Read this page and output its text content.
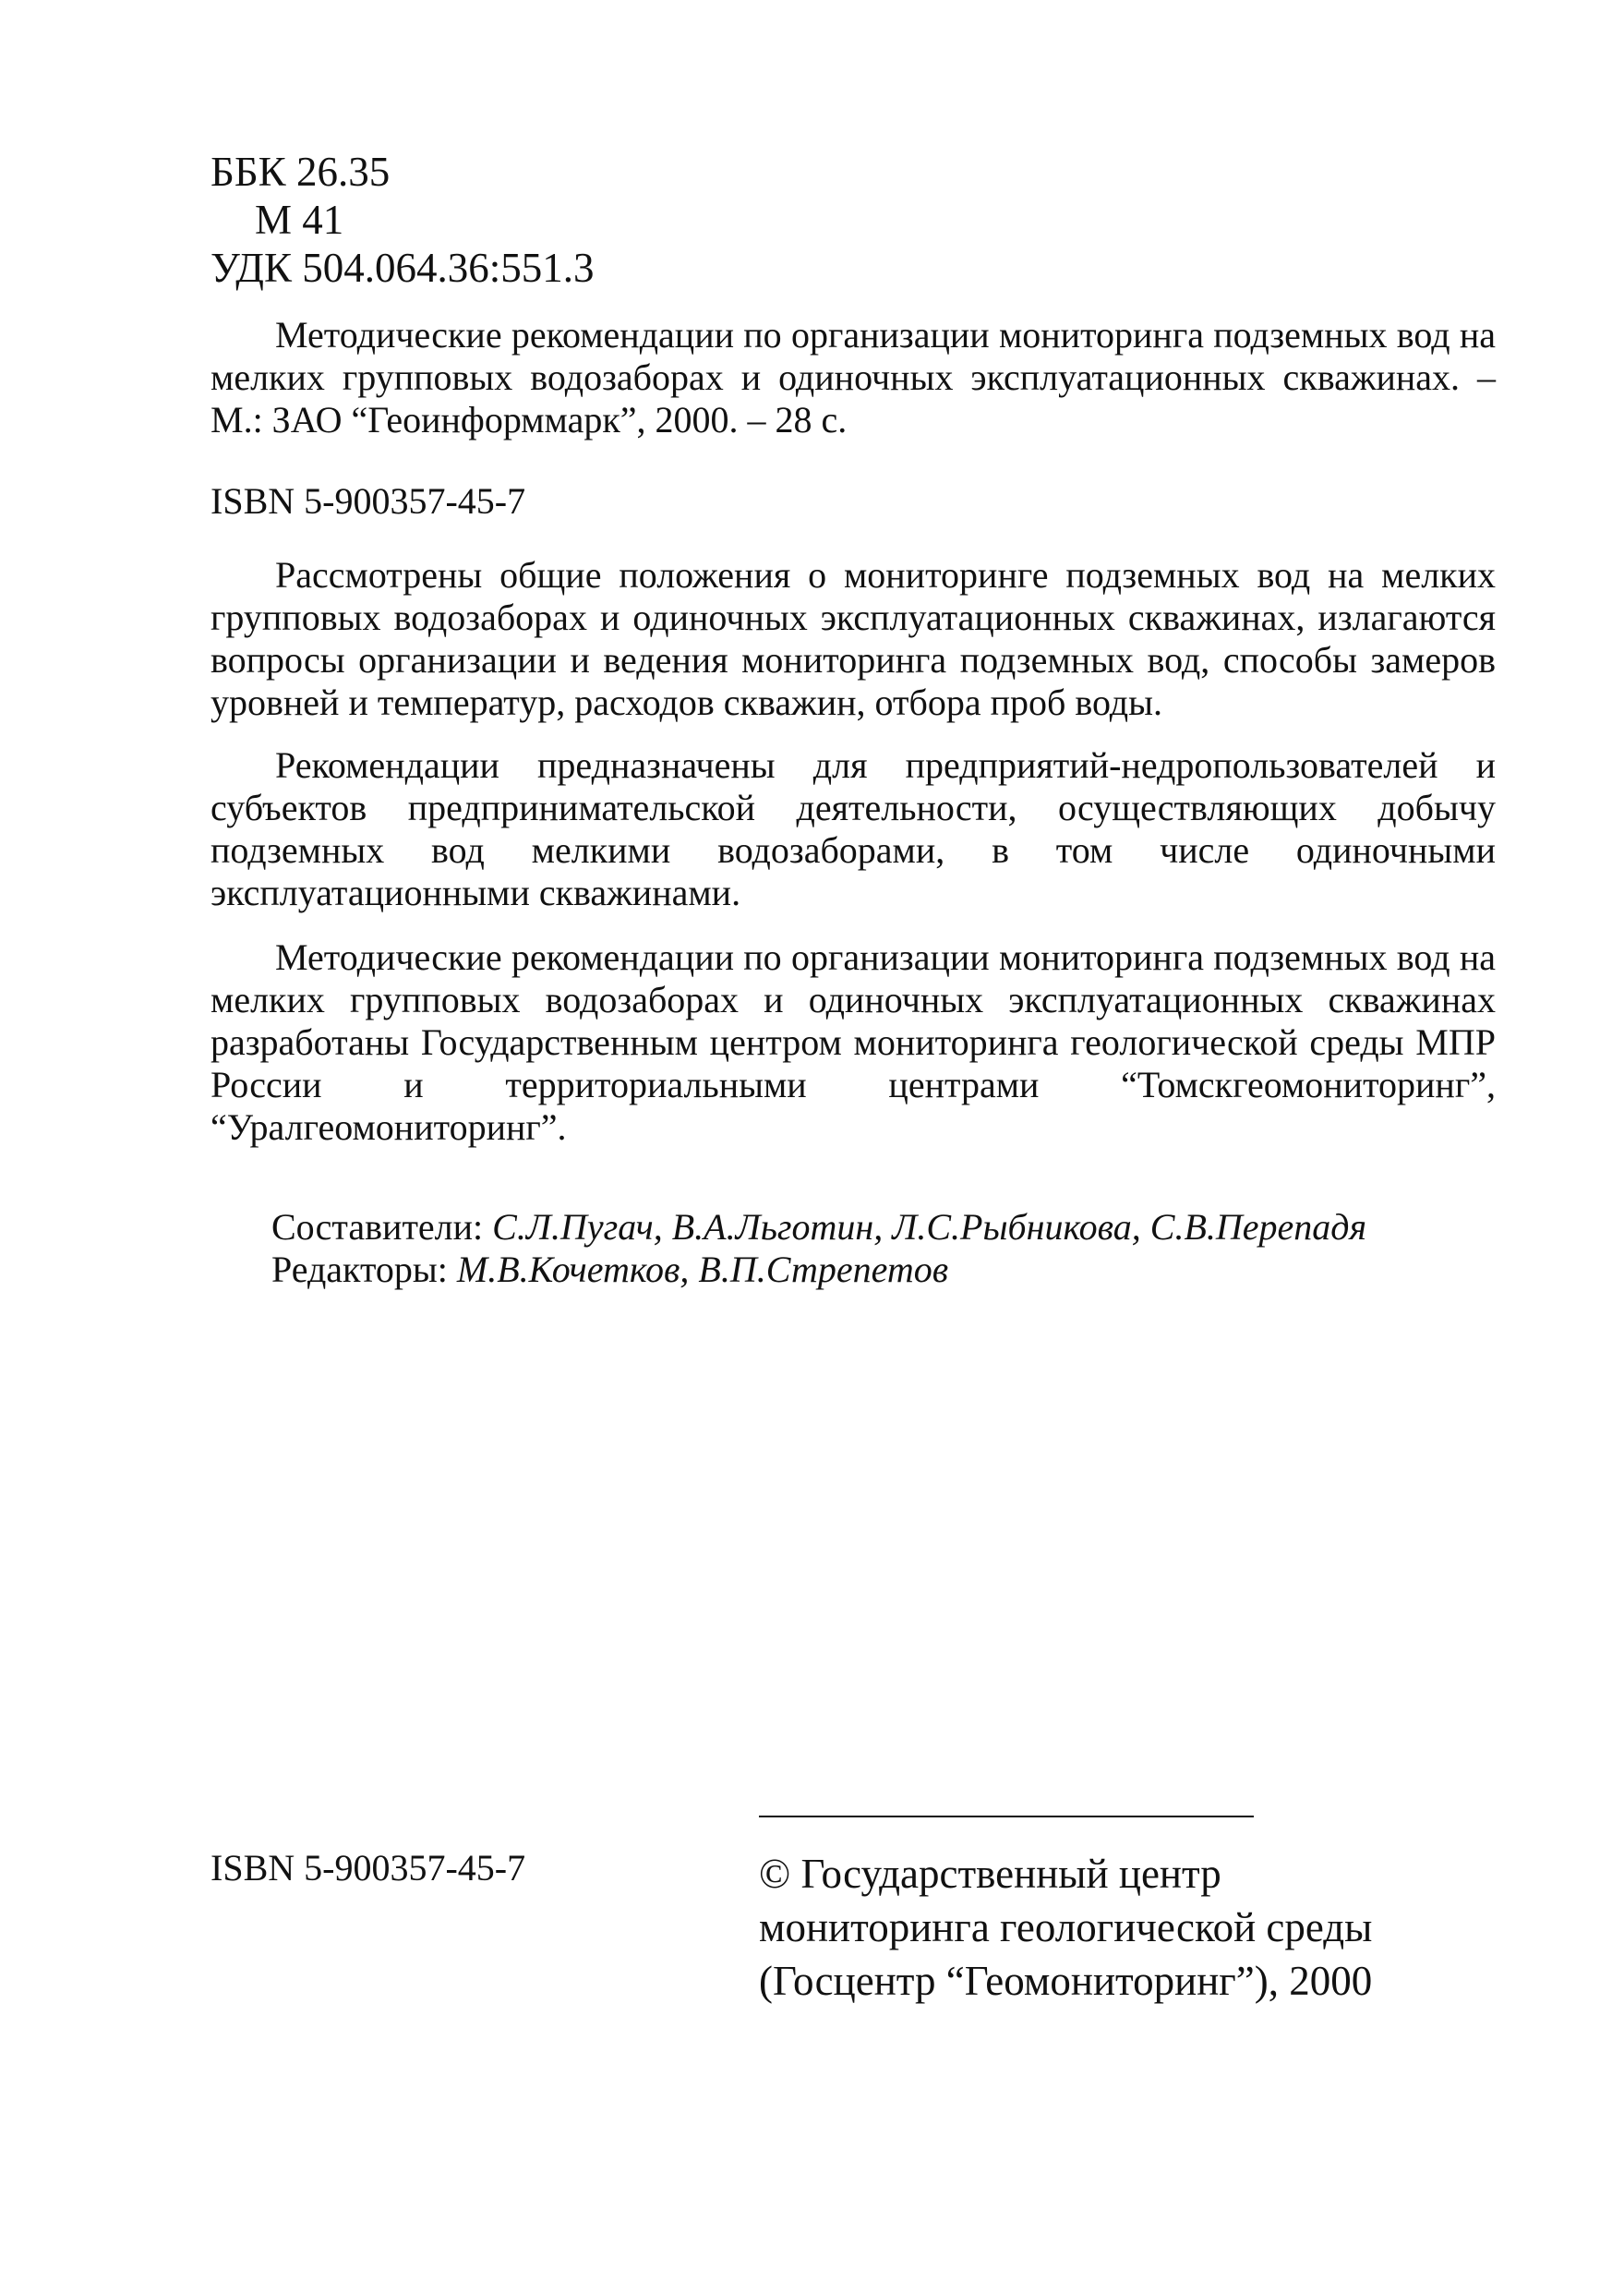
ББК 26.35
М 41
УДК 504.064.36:551.3

Методические рекомендации по организации мониторинга подземных вод на мелких групповых водозаборах и одиночных эксплуатационных скважинах. – М.: ЗАО “Геоинформмарк”, 2000. – 28 с.

ISBN 5-900357-45-7

Рассмотрены общие положения о мониторинге подземных вод на мелких групповых водозаборах и одиночных эксплуатационных скважинах, излагаются вопросы организации и ведения мониторинга подземных вод, способы замеров уровней и температур, расходов скважин, отбора проб воды.

Рекомендации предназначены для предприятий-недропользователей и субъектов предпринимательской деятельности, осуществляющих добычу подземных вод мелкими водозаборами, в том числе одиночными эксплуатационными скважинами.

Методические рекомендации по организации мониторинга подземных вод на мелких групповых водозаборах и одиночных эксплуатационных скважинах разработаны Государственным центром мониторинга геологической среды МПР России и территориальными центрами “Томскгеомониторинг”, “Уралгеомониторинг”.

Составители: С.Л.Пугач, В.А.Льготин, Л.С.Рыбникова, С.В.Перепадя
Редакторы: М.В.Кочетков, В.П.Стрепетов
ISBN 5-900357-45-7	© Государственный центр
мониторинга геологической среды
(Госцентр “Геомониторинг”), 2000
